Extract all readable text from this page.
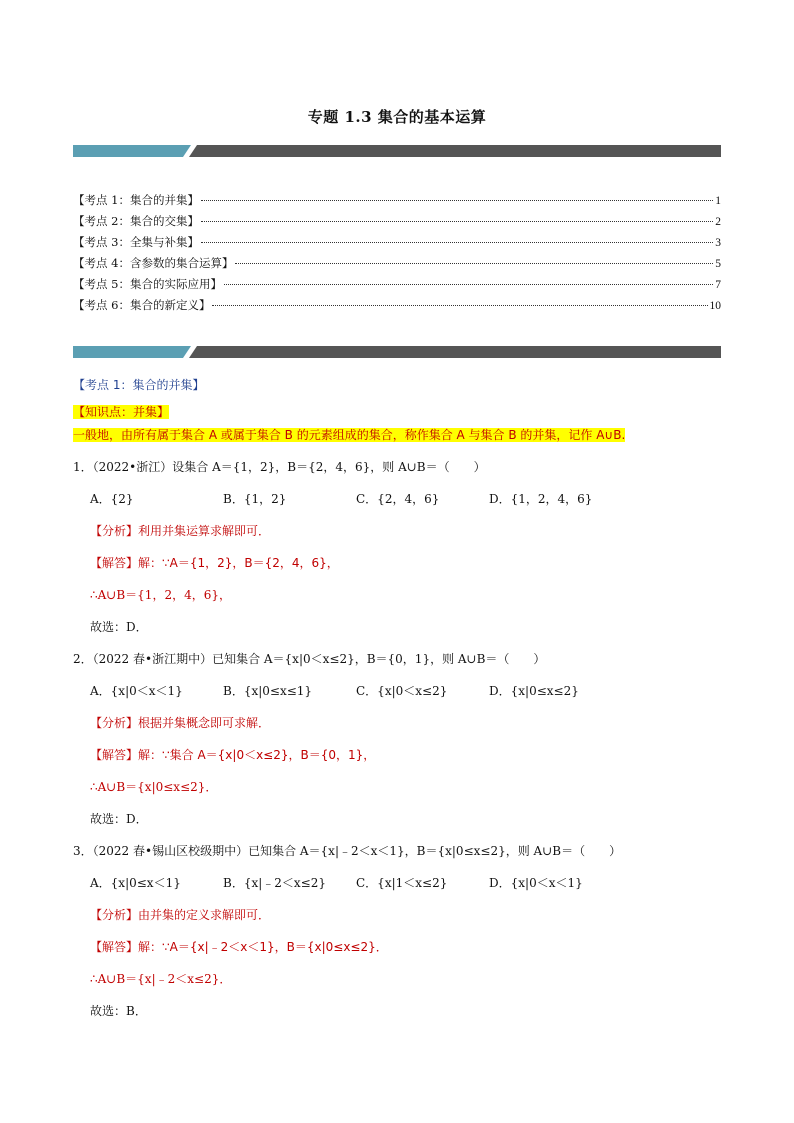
专题 1.3 集合的基本运算
【考点 1：集合的并集】	1
【考点 2：集合的交集】	2
【考点 3：全集与补集】	3
【考点 4：含参数的集合运算】	5
【考点 5：集合的实际应用】	7
【考点 6：集合的新定义】	10
【考点 1：集合的并集】
【知识点：并集】
一般地，由所有属于集合 A 或属于集合 B 的元素组成的集合，称作集合 A 与集合 B 的并集，记作 A∪B.
1．（2022•浙江）设集合 A＝{1，2}，B＝{2，4，6}，则 A∪B＝（　　）
A．{2}	B．{1，2}	C．{2，4，6}	D．{1，2，4，6}
【分析】利用并集运算求解即可．
【解答】解：∵A＝{1，2}，B＝{2，4，6}，
∴A∪B＝{1，2，4，6}，
故选：D．
2．（2022 春•浙江期中）已知集合 A＝{x|0＜x≤2}，B＝{0，1}，则 A∪B＝（　　）
A．{x|0＜x＜1}	B．{x|0≤x≤1}	C．{x|0＜x≤2}	D．{x|0≤x≤2}
【分析】根据并集概念即可求解．
【解答】解：∵集合 A＝{x|0＜x≤2}，B＝{0，1}，
∴A∪B＝{x|0≤x≤2}．
故选：D．
3．（2022 春•锡山区校级期中）已知集合 A＝{x|﹣2＜x＜1}，B＝{x|0≤x≤2}，则 A∪B＝（　　）
A．{x|0≤x＜1}	B．{x|﹣2＜x≤2}	C．{x|1＜x≤2}	D．{x|0＜x＜1}
【分析】由并集的定义求解即可．
【解答】解：∵A＝{x|﹣2＜x＜1}，B＝{x|0≤x≤2}．
∴A∪B＝{x|﹣2＜x≤2}．
故选：B．
